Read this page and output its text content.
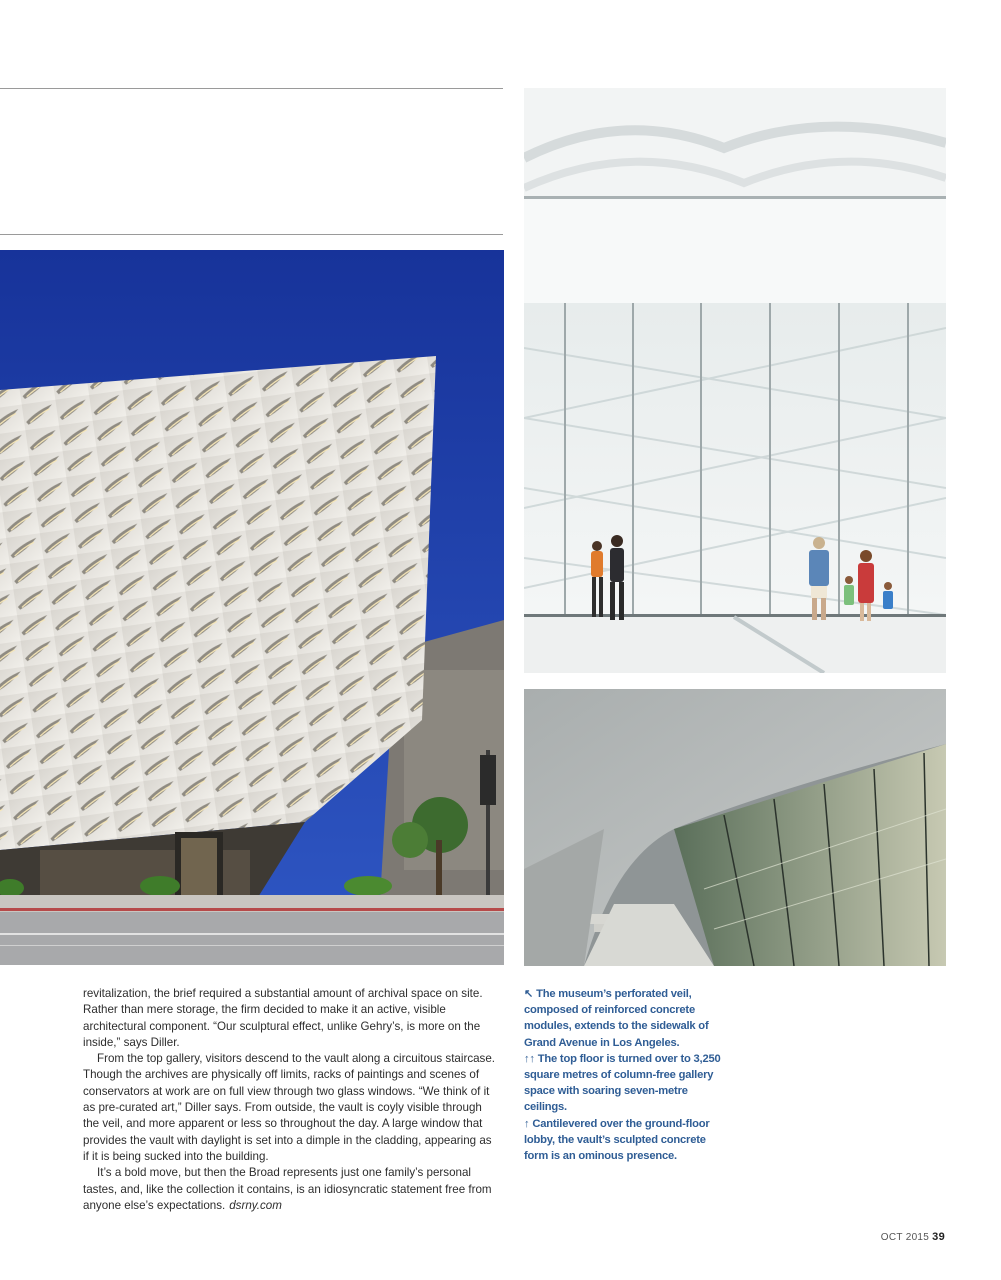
revitalization, the brief required a substantial amount of archival space on site. Rather than mere storage, the firm decided to make it an active, visible architectural component. “Our sculptural effect, unlike Gehry’s, is more on the inside,” says Diller.

From the top gallery, visitors descend to the vault along a circuitous staircase. Though the archives are physically off limits, racks of paintings and scenes of conservators at work are on full view through two glass windows. “We think of it as pre-curated art,” Diller says. From outside, the vault is coyly visible through the veil, and more apparent or less so throughout the day. A large window that provides the vault with daylight is set into a dimple in the cladding, appearing as if it is being sucked into the building.

It’s a bold move, but then the Broad represents just one family’s personal tastes, and, like the collection it contains, is an idiosyncratic statement free from anyone else’s expectations. dsrny.com

↖ The museum’s perforated veil, composed of reinforced concrete modules, extends to the sidewalk of Grand Avenue in Los Angeles.

↑↑ The top floor is turned over to 3,250 square metres of column-free gallery space with soaring seven-metre ceilings.

↑ Cantilevered over the ground-floor lobby, the vault’s sculpted concrete form is an ominous presence.

OCT 2015 39
